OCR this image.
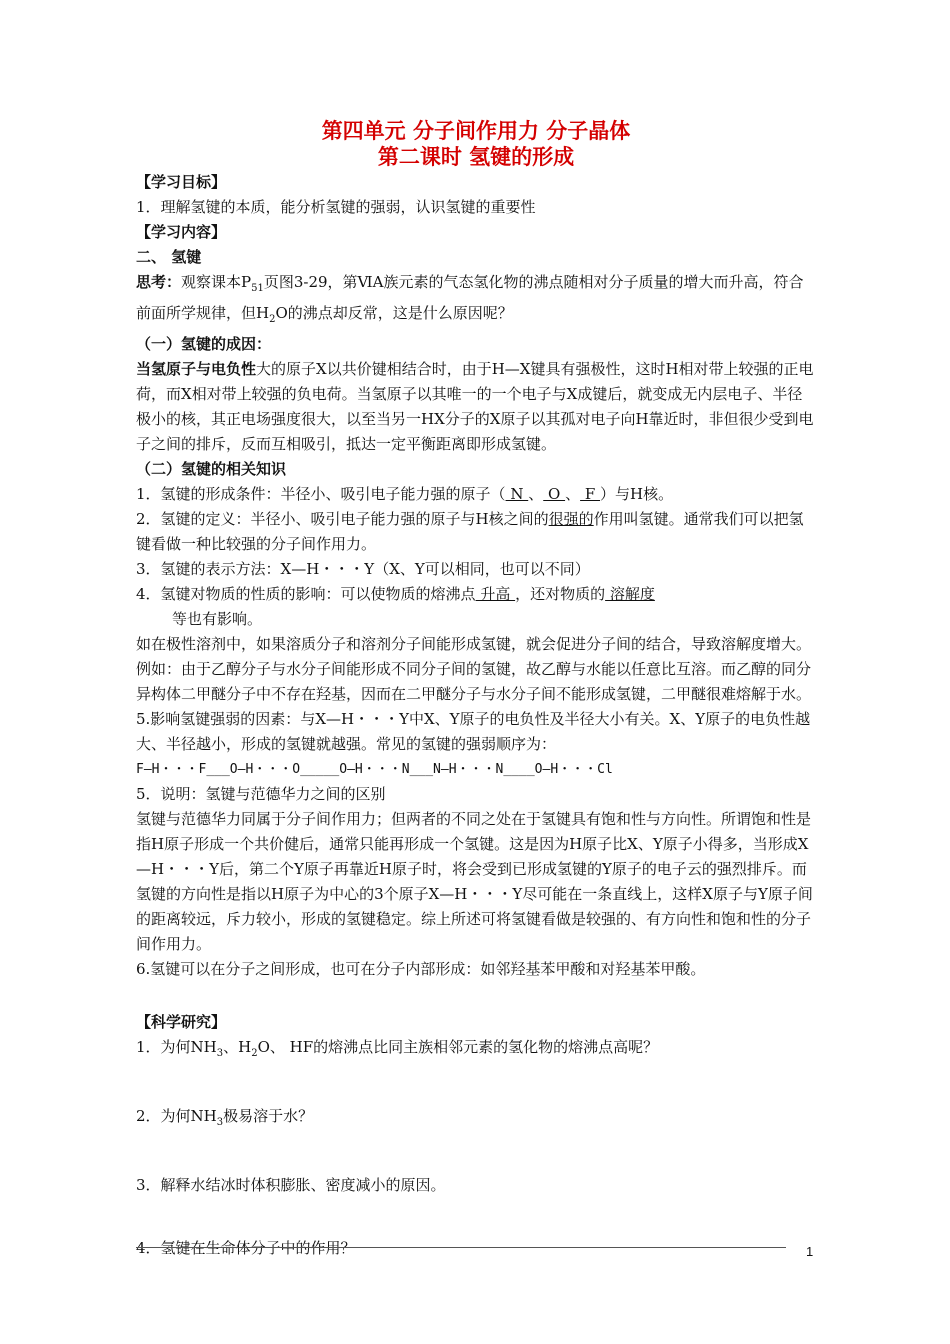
第四单元 分子间作用力 分子晶体
第二课时 氢键的形成

【学习目标】

1．理解氢键的本质，能分析氢键的强弱，认识氢键的重要性

【学习内容】

二、 氢键

思考：观察课本$P_{51}$页图3-29，第ⅥA族元素的气态氢化物的沸点随相对分子质量的增大而升高，符合前面所学规律，但$H_2O$的沸点却反常，这是什么原因呢？

（一）氢键的成因：

当氢原子与电负性大的原子X以共价键相结合时，由于H—X键具有强极性，这时H相对带上较强的正电荷，而X相对带上较强的负电荷。当氢原子以其唯一的一个电子与X成键后，就变成无内层电子、半径极小的核，其正电场强度很大，以至当另一HX分子的X原子以其孤对电子向H靠近时，非但很少受到电子之间的排斥，反而互相吸引，抵达一定平衡距离即形成氢键。

（二）氢键的相关知识

1．氢键的形成条件：半径小、吸引电子能力强的原子（ N 、 O 、 F ）与H核。

2．氢键的定义：半径小、吸引电子能力强的原子与H核之间的很强的作用叫氢键。通常我们可以把氢键看做一种比较强的分子间作用力。

3．氢键的表示方法：X—H・・・Y（X、Y可以相同，也可以不同）

4．氢键对物质的性质的影响：可以使物质的熔沸点 升高 ，还对物质的 溶解度
等也有影响。

如在极性溶剂中，如果溶质分子和溶剂分子间能形成氢键，就会促进分子间的结合，导致溶解度增大。例如：由于乙醇分子与水分子间能形成不同分子间的氢键，故乙醇与水能以任意比互溶。而乙醇的同分异构体二甲醚分子中不存在羟基，因而在二甲醚分子与水分子间不能形成氢键，二甲醚很难熔解于水。

5.影响氢键强弱的因素：与X—H・・・Y中X、Y原子的电负性及半径大小有关。X、Y原子的电负性越大、半径越小，形成的氢键就越强。常见的氢键的强弱顺序为：

F—H・・・F___O—H・・・O_____O—H・・・N___N—H・・・N____O—H・・・Cl

5．说明：氢键与范德华力之间的区别

氢键与范德华力同属于分子间作用力；但两者的不同之处在于氢键具有饱和性与方向性。所谓饱和性是指H原子形成一个共价健后，通常只能再形成一个氢键。这是因为H原子比X、Y原子小得多，当形成X—H・・・Y后，第二个Y原子再靠近H原子时，将会受到已形成氢键的Y原子的电子云的强烈排斥。而氢键的方向性是指以H原子为中心的3个原子X—H・・・Y尽可能在一条直线上，这样X原子与Y原子间的距离较远，斥力较小，形成的氢键稳定。综上所述可将氢键看做是较强的、有方向性和饱和性的分子间作用力。

6.氢键可以在分子之间形成，也可在分子内部形成：如邻羟基苯甲酸和对羟基苯甲酸。

【科学研究】

1．为何$NH_3$、$H_2O$、 HF的熔沸点比同主族相邻元素的氢化物的熔沸点高呢？

2．为何$NH_3$极易溶于水？

3．解释水结冰时体积膨胀、密度减小的原因。

4．氢键在生命体分子中的作用？	1
